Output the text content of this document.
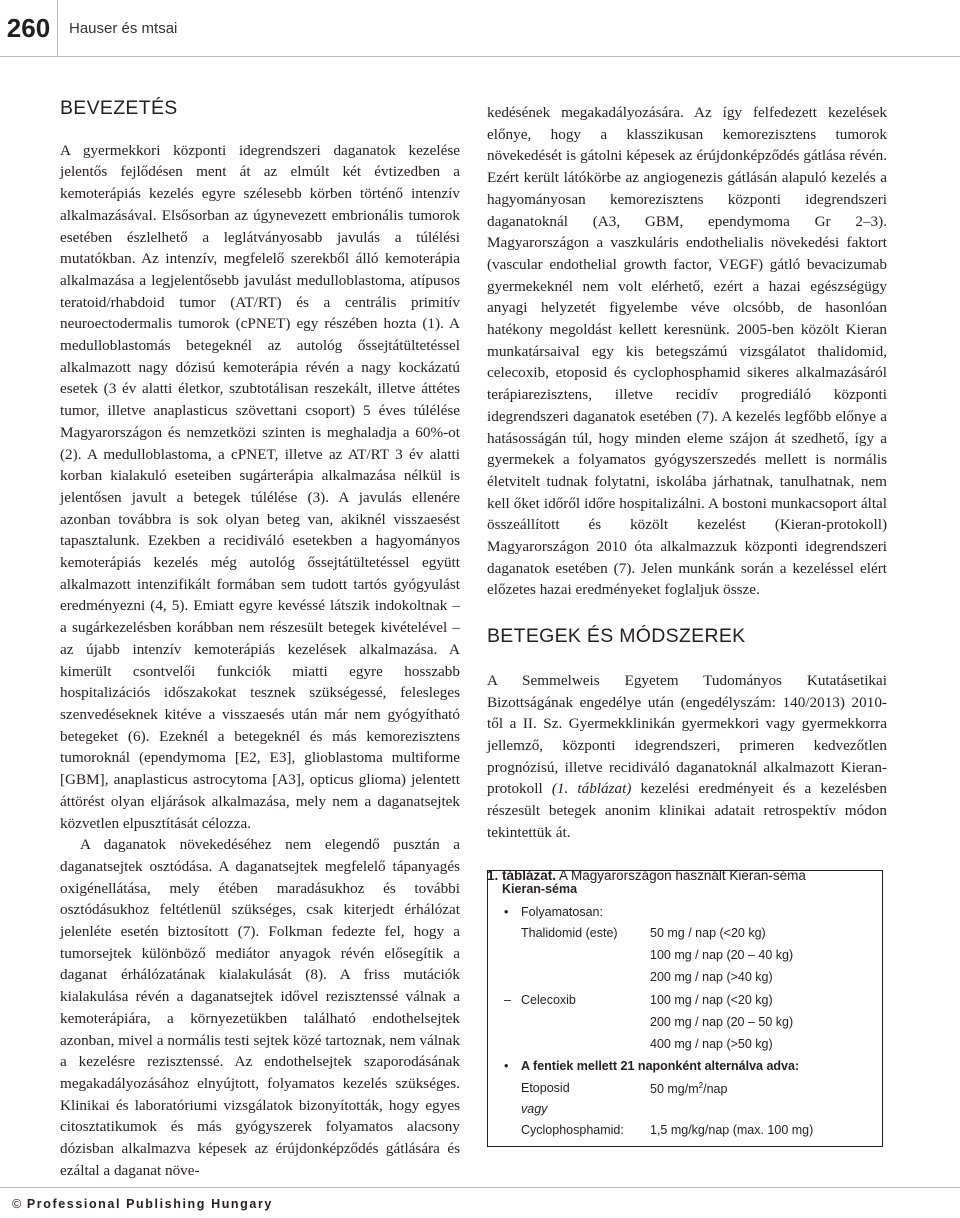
260	Hauser és mtsai
BEVEZETÉS

A gyermekkori központi idegrendszeri daganatok kezelése jelentős fejlődésen ment át az elmúlt két évtizedben a kemoterápiás kezelés egyre szélesebb körben történő intenzív alkalmazásával. Elsősorban az úgynevezett embrionális tumorok esetében észlelhető a leglátványosabb javulás a túlélési mutatókban. Az intenzív, megfelelő szerekből álló kemoterápia alkalmazása a legjelentősebb javulást medulloblastoma, atípusos teratoid/rhabdoid tumor (AT/RT) és a centrális primitív neuroectodermalis tumorok (cPNET) egy részében hozta (1). A medulloblastomás betegeknél az autológ őssejtátültetéssel alkalmazott nagy dózisú kemoterápia révén a nagy kockázatú esetek (3 év alatti életkor, szubtotálisan reszekált, illetve áttétes tumor, illetve anaplasticus szövettani csoport) 5 éves túlélése Magyarországon és nemzetközi szinten is meghaladja a 60%-ot (2). A medulloblastoma, a cPNET, illetve az AT/RT 3 év alatti korban kialakuló eseteiben sugárterápia alkalmazása nélkül is jelentősen javult a betegek túlélése (3). A javulás ellenére azonban továbbra is sok olyan beteg van, akiknél visszaesést tapasztalunk. Ezekben a recidiváló esetekben a hagyományos kemoterápiás kezelés még autológ őssejtátültetéssel együtt alkalmazott intenzifikált formában sem tudott tartós gyógyulást eredményezni (4, 5). Emiatt egyre kevéssé látszik indokoltnak – a sugárkezelésben korábban nem részesült betegek kivételével – az újabb intenzív kemoterápiás kezelések alkalmazása. A kimerült csontvelői funkciók miatti egyre hosszabb hospitalizációs időszakokat tesznek szükségessé, felesleges szenvedéseknek kitéve a visszaesés után már nem gyógyítható betegeket (6). Ezeknél a betegeknél és más kemorezisztens tumoroknál (ependymoma [E2, E3], glioblastoma multiforme [GBM], anaplasticus astrocytoma [A3], opticus glioma) jelentett áttörést olyan eljárások alkalmazása, mely nem a daganatsejtek közvetlen elpusztítását célozza.

A daganatok növekedéséhez nem elegendő pusztán a daganatsejtek osztódása. A daganatsejtek megfelelő tápanyagés oxigénellátása, mely étében maradásukhoz és további osztódásukhoz feltétlenül szükséges, csak kiterjedt érhálózat jelenléte esetén biztosított (7). Folkman fedezte fel, hogy a tumorsejtek különböző mediátor anyagok révén elősegítik a daganat érhálózatának kialakulását (8). A friss mutációk kialakulása révén a daganatsejtek idővel rezisztenssé válnak a kemoterápiára, a környezetükben található endothelsejtek azonban, mivel a normális testi sejtek közé tartoznak, nem válnak a kezelésre rezisztenssé. Az endothelsejtek szaporodásának megakadályozásához elnyújtott, folyamatos kezelés szükséges. Klinikai és laboratóriumi vizsgálatok bizonyították, hogy egyes citosztatikumok és más gyógyszerek folyamatos alacsony dózisban alkalmazva képesek az érújdonképződés gátlására és ezáltal a daganat növe-

kedésének megakadályozására. Az így felfedezett kezelések előnye, hogy a klasszikusan kemorezisztens tumorok növekedését is gátolni képesek az érújdonképződés gátlása révén. Ezért került látókörbe az angiogenezis gátlásán alapuló kezelés a hagyományosan kemorezisztens központi idegrendszeri daganatoknál (A3, GBM, ependymoma Gr 2–3). Magyarországon a vaszkuláris endothelialis növekedési faktort (vascular endothelial growth factor, VEGF) gátló bevacizumab gyermekeknél nem volt elérhető, ezért a hazai egészségügy anyagi helyzetét figyelembe véve olcsóbb, de hasonlóan hatékony megoldást kellett keresnünk. 2005-ben közölt Kieran munkatársaival egy kis betegszámú vizsgálatot thalidomid, celecoxib, etoposid és cyclophosphamid sikeres alkalmazásáról terápiarezisztens, illetve recidív progrediáló központi idegrendszeri daganatok esetében (7). A kezelés legfőbb előnye a hatásosságán túl, hogy minden eleme szájon át szedhető, így a gyermekek a folyamatos gyógyszerszedés mellett is normális életvitelt tudnak folytatni, iskolába járhatnak, tanulhatnak, nem kell őket időről időre hospitalizálni. A bostoni munkacsoport által összeállított és közölt kezelést (Kieran-protokoll) Magyarországon 2010 óta alkalmazzuk központi idegrendszeri daganatok esetében (7). Jelen munkánk során a kezeléssel elért előzetes hazai eredményeket foglaljuk össze.

BETEGEK ÉS MÓDSZEREK

A Semmelweis Egyetem Tudományos Kutatásetikai Bizottságának engedélye után (engedélyszám: 140/2013) 2010-től a II. Sz. Gyermekklinikán gyermekkori vagy gyermekkorra jellemző, központi idegrendszeri, primeren kedvezőtlen prognózisú, illetve recidiváló daganatoknál alkalmazott Kieran-protokoll (1. táblázat) kezelési eredményeit és a kezelésben részesült betegek anonim klinikai adatait retrospektív módon tekintettük át.

1. táblázat. A Magyarországon használt Kieran-séma
Kieran-séma
• Folyamatosan:
Thalidomid (este)	50 mg / nap (<20 kg)
100 mg / nap (20 – 40 kg)
200 mg / nap (>40 kg)
– Celecoxib	100 mg / nap (<20 kg)
200 mg / nap (20 – 50 kg)
400 mg / nap (>50 kg)
• A fentiek mellett 21 naponként alternálva adva:
Etoposid	50 $mg/m^2$/nap
vagy
Cyclophosphamid: 1,5 mg/kg/nap (max. 100 mg)
© Professional Publishing Hungary
